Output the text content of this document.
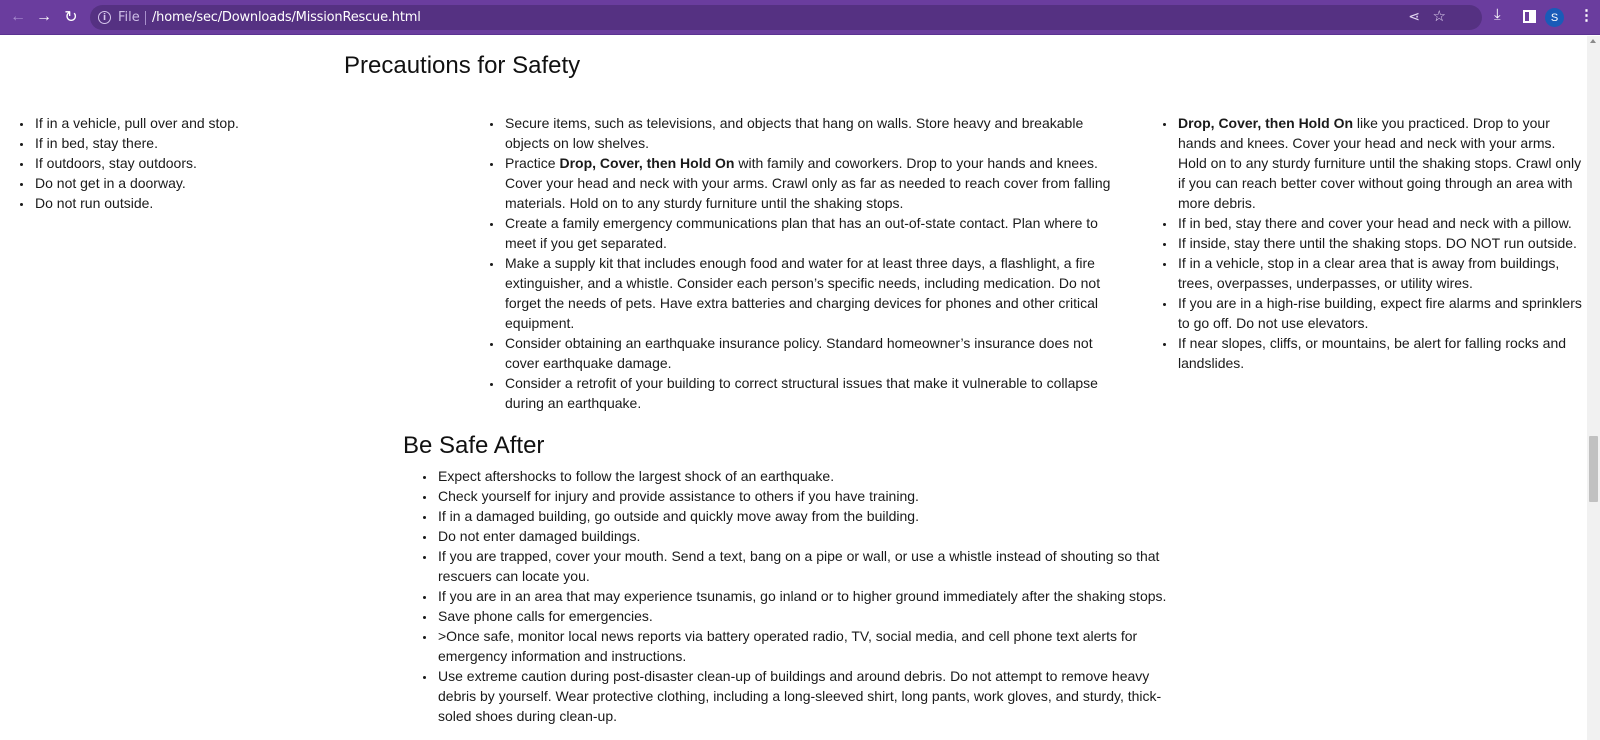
← → ↻	i File /home/sec/Downloads/MissionRescue.html	⋖ ☆	⤓	S ⋮
Precautions for Safety
• If in a vehicle, pull over and stop.
• If in bed, stay there.
• If outdoors, stay outdoors.
• Do not get in a doorway.
• Do not run outside.
• Secure items, such as televisions, and objects that hang on walls. Store heavy and breakable objects on low shelves.
• Practice Drop, Cover, then Hold On with family and coworkers. Drop to your hands and knees. Cover your head and neck with your arms. Crawl only as far as needed to reach cover from falling materials. Hold on to any sturdy furniture until the shaking stops.
• Create a family emergency communications plan that has an out-of-state contact. Plan where to meet if you get separated.
• Make a supply kit that includes enough food and water for at least three days, a flashlight, a fire extinguisher, and a whistle. Consider each person’s specific needs, including medication. Do not forget the needs of pets. Have extra batteries and charging devices for phones and other critical equipment.
• Consider obtaining an earthquake insurance policy. Standard homeowner’s insurance does not cover earthquake damage.
• Consider a retrofit of your building to correct structural issues that make it vulnerable to collapse during an earthquake.
• Drop, Cover, then Hold On like you practiced. Drop to your hands and knees. Cover your head and neck with your arms. Hold on to any sturdy furniture until the shaking stops. Crawl only if you can reach better cover without going through an area with more debris.
• If in bed, stay there and cover your head and neck with a pillow.
• If inside, stay there until the shaking stops. DO NOT run outside.
• If in a vehicle, stop in a clear area that is away from buildings, trees, overpasses, underpasses, or utility wires.
• If you are in a high-rise building, expect fire alarms and sprinklers to go off. Do not use elevators.
• If near slopes, cliffs, or mountains, be alert for falling rocks and landslides.
Be Safe After
• Expect aftershocks to follow the largest shock of an earthquake.
• Check yourself for injury and provide assistance to others if you have training.
• If in a damaged building, go outside and quickly move away from the building.
• Do not enter damaged buildings.
• If you are trapped, cover your mouth. Send a text, bang on a pipe or wall, or use a whistle instead of shouting so that rescuers can locate you.
• If you are in an area that may experience tsunamis, go inland or to higher ground immediately after the shaking stops.
• Save phone calls for emergencies.
• >Once safe, monitor local news reports via battery operated radio, TV, social media, and cell phone text alerts for emergency information and instructions.
• Use extreme caution during post-disaster clean-up of buildings and around debris. Do not attempt to remove heavy debris by yourself. Wear protective clothing, including a long-sleeved shirt, long pants, work gloves, and sturdy, thick-soled shoes during clean-up.
